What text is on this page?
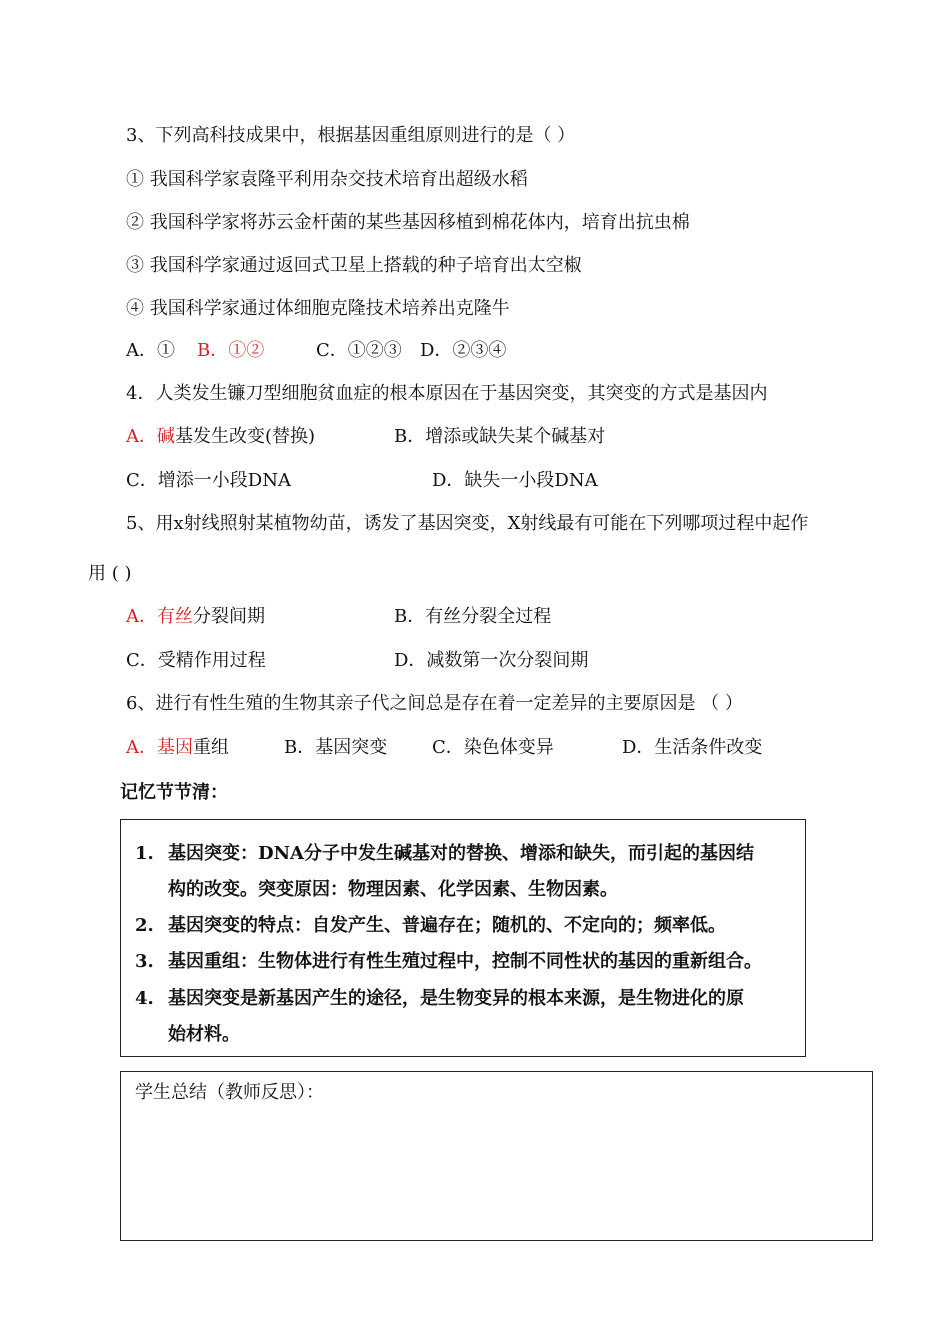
3、下列高科技成果中，根据基因重组原则进行的是（ ）
① 我国科学家袁隆平利用杂交技术培育出超级水稻
② 我国科学家将苏云金杆菌的某些基因移植到棉花体内，培育出抗虫棉
③ 我国科学家通过返回式卫星上搭载的种子培育出太空椒
④ 我国科学家通过体细胞克隆技术培养出克隆牛
A．① B．①②	C．①②③ D．②③④
4．人类发生镰刀型细胞贫血症的根本原因在于基因突变，其突变的方式是基因内
A．碱基发生改变(替换)	B．增添或缺失某个碱基对
C．增添一小段DNA	D．缺失一小段DNA
5、用x射线照射某植物幼苗，诱发了基因突变，X射线最有可能在下列哪项过程中起作
用 ( )
A．有丝分裂间期	B．有丝分裂全过程
C．受精作用过程	D．减数第一次分裂间期
6、进行有性生殖的生物其亲子代之间总是存在着一定差异的主要原因是 （ ）
A．基因重组	B．基因突变 C．染色体变异	D．生活条件改变
记忆节节清：
1. 基因突变：DNA分子中发生碱基对的替换、增添和缺失，而引起的基因结
构的改变。突变原因：物理因素、化学因素、生物因素。
2. 基因突变的特点：自发产生、普遍存在；随机的、不定向的；频率低。
3. 基因重组：生物体进行有性生殖过程中，控制不同性状的基因的重新组合。
4. 基因突变是新基因产生的途径，是生物变异的根本来源，是生物进化的原
始材料。
学生总结（教师反思）：
